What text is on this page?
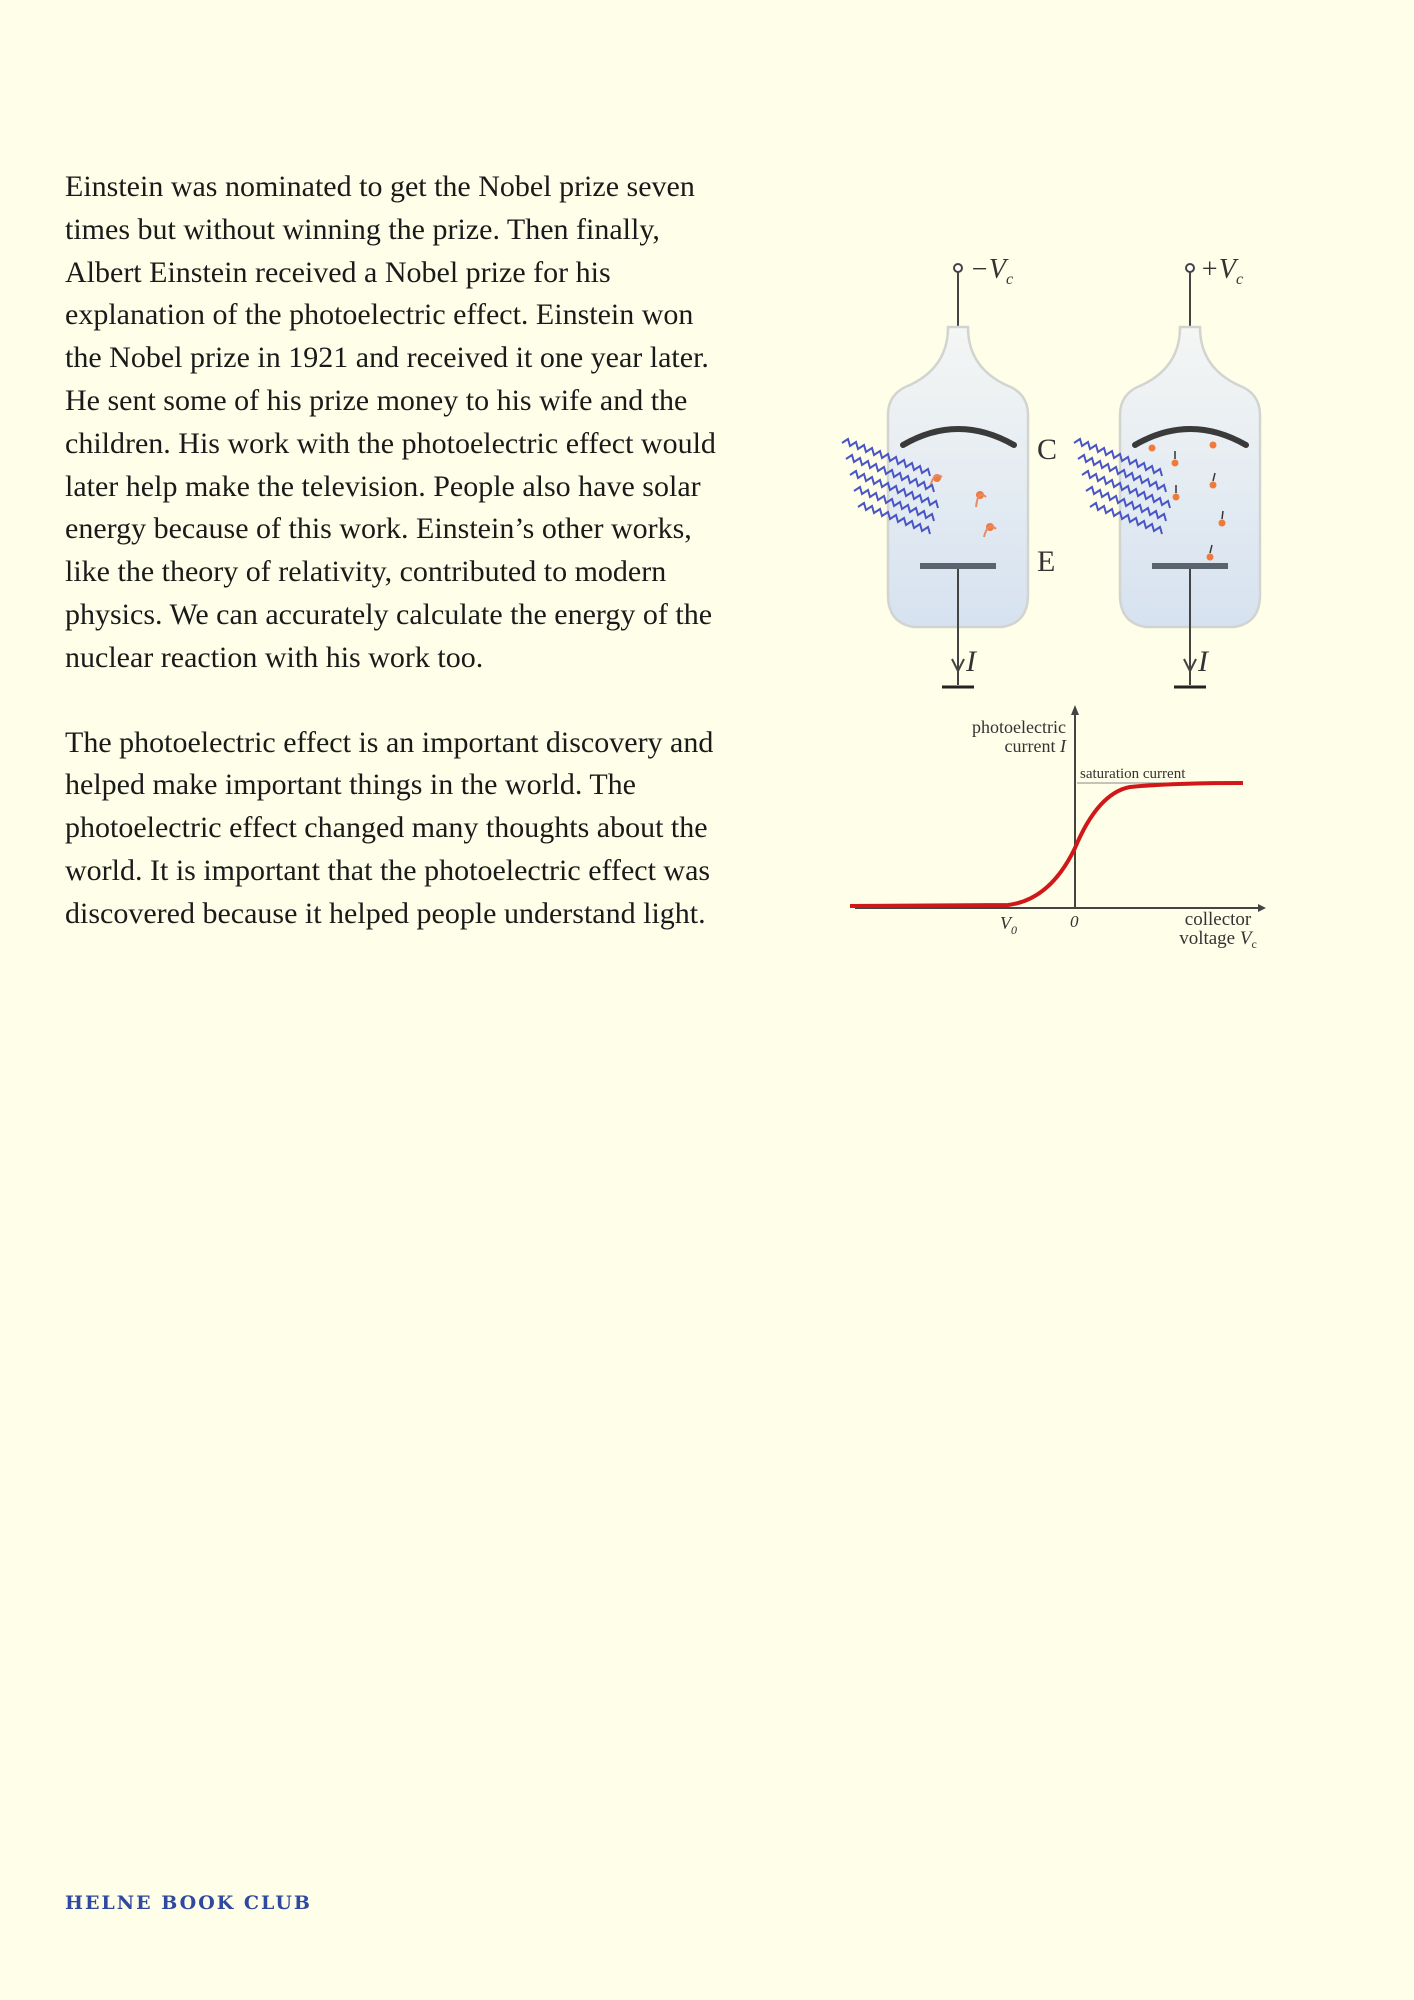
Einstein was nominated to get the Nobel prize seven times but without winning the prize. Then finally, Albert Einstein received a Nobel prize for his explanation of the photoelectric effect. Einstein won the Nobel prize in 1921 and received it one year later. He sent some of his prize money to his wife and the children. His work with the photoelectric effect would later help make the television. People also have solar energy because of this work. Einstein’s other works, like the theory of relativity, contributed to modern physics. We can accurately calculate the energy of the nuclear reaction with his work too.

The photoelectric effect is an important discovery and helped make important things in the world. The photoelectric effect changed many thoughts about the world. It is important that the photoelectric effect was discovered because it helped people understand light.

$-V_c$
C
E
I
$+V_c$
I
photoelectric
current I
saturation current
$V_0$	0	collector
voltage $V_c$
HELNE BOOK CLUB
